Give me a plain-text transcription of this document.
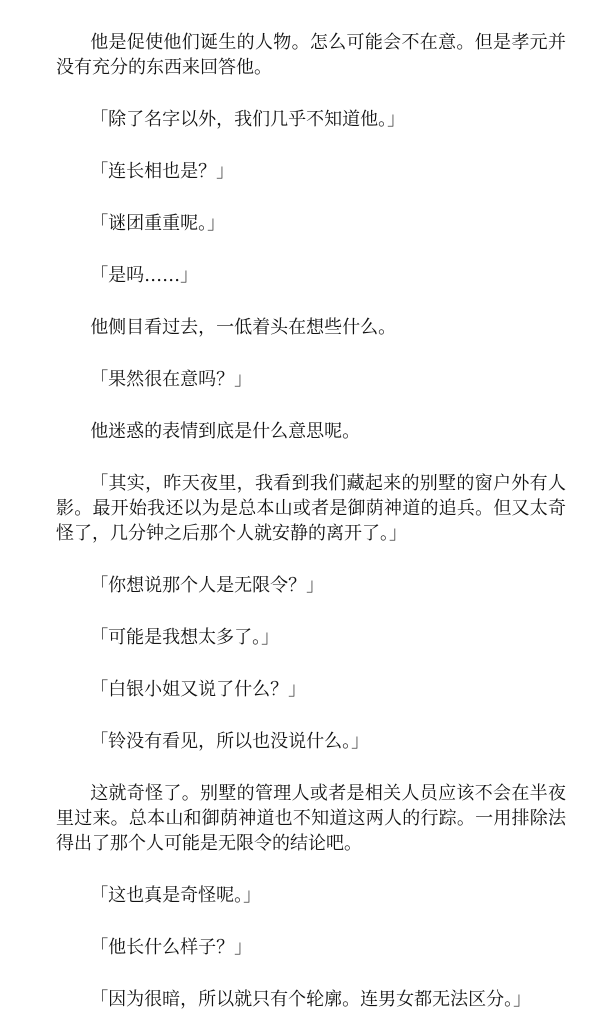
他是促使他们诞生的人物。怎么可能会不在意。但是孝元并没有充分的东西来回答他。

「除了名字以外，我们几乎不知道他。」

「连长相也是？」

「谜团重重呢。」

「是吗……」

他侧目看过去，一低着头在想些什么。

「果然很在意吗？」

他迷惑的表情到底是什么意思呢。

「其实，昨天夜里，我看到我们藏起来的别墅的窗户外有人影。最开始我还以为是总本山或者是御荫神道的追兵。但又太奇怪了，几分钟之后那个人就安静的离开了。」

「你想说那个人是无限令？」

「可能是我想太多了。」

「白银小姐又说了什么？」

「铃没有看见，所以也没说什么。」

这就奇怪了。别墅的管理人或者是相关人员应该不会在半夜里过来。总本山和御荫神道也不知道这两人的行踪。一用排除法得出了那个人可能是无限令的结论吧。

「这也真是奇怪呢。」

「他长什么样子？」

「因为很暗，所以就只有个轮廓。连男女都无法区分。」
